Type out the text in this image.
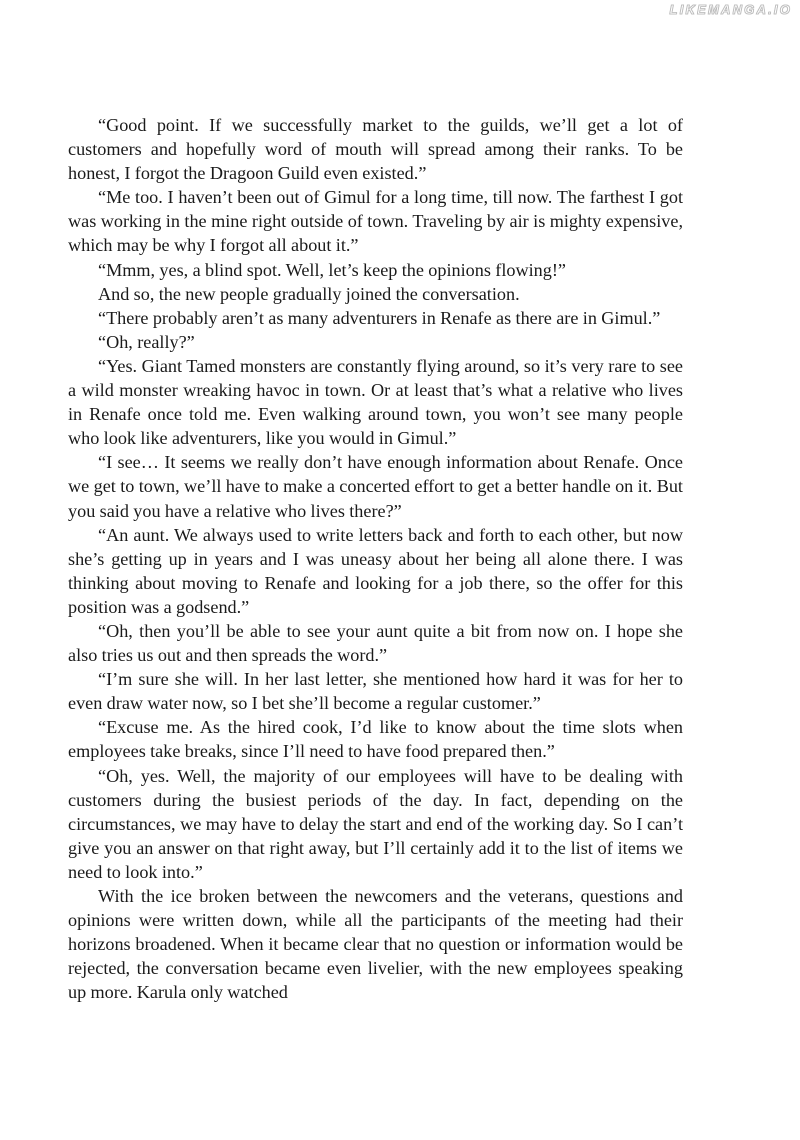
LIKEMANGA.IO

“Good point. If we successfully market to the guilds, we’ll get a lot of customers and hopefully word of mouth will spread among their ranks. To be honest, I forgot the Dragoon Guild even existed.”

“Me too. I haven’t been out of Gimul for a long time, till now. The farthest I got was working in the mine right outside of town. Traveling by air is mighty expensive, which may be why I forgot all about it.”

“Mmm, yes, a blind spot. Well, let’s keep the opinions flowing!”

And so, the new people gradually joined the conversation.

“There probably aren’t as many adventurers in Renafe as there are in Gimul.”

“Oh, really?”

“Yes. Giant Tamed monsters are constantly flying around, so it’s very rare to see a wild monster wreaking havoc in town. Or at least that’s what a relative who lives in Renafe once told me. Even walking around town, you won’t see many people who look like adventurers, like you would in Gimul.”

“I see… It seems we really don’t have enough information about Renafe. Once we get to town, we’ll have to make a concerted effort to get a better handle on it. But you said you have a relative who lives there?”

“An aunt. We always used to write letters back and forth to each other, but now she’s getting up in years and I was uneasy about her being all alone there. I was thinking about moving to Renafe and looking for a job there, so the offer for this position was a godsend.”

“Oh, then you’ll be able to see your aunt quite a bit from now on. I hope she also tries us out and then spreads the word.”

“I’m sure she will. In her last letter, she mentioned how hard it was for her to even draw water now, so I bet she’ll become a regular customer.”

“Excuse me. As the hired cook, I’d like to know about the time slots when employees take breaks, since I’ll need to have food prepared then.”

“Oh, yes. Well, the majority of our employees will have to be dealing with customers during the busiest periods of the day. In fact, depending on the circumstances, we may have to delay the start and end of the working day. So I can’t give you an answer on that right away, but I’ll certainly add it to the list of items we need to look into.”

With the ice broken between the newcomers and the veterans, questions and opinions were written down, while all the participants of the meeting had their horizons broadened. When it became clear that no question or information would be rejected, the conversation became even livelier, with the new employees speaking up more. Karula only watched
